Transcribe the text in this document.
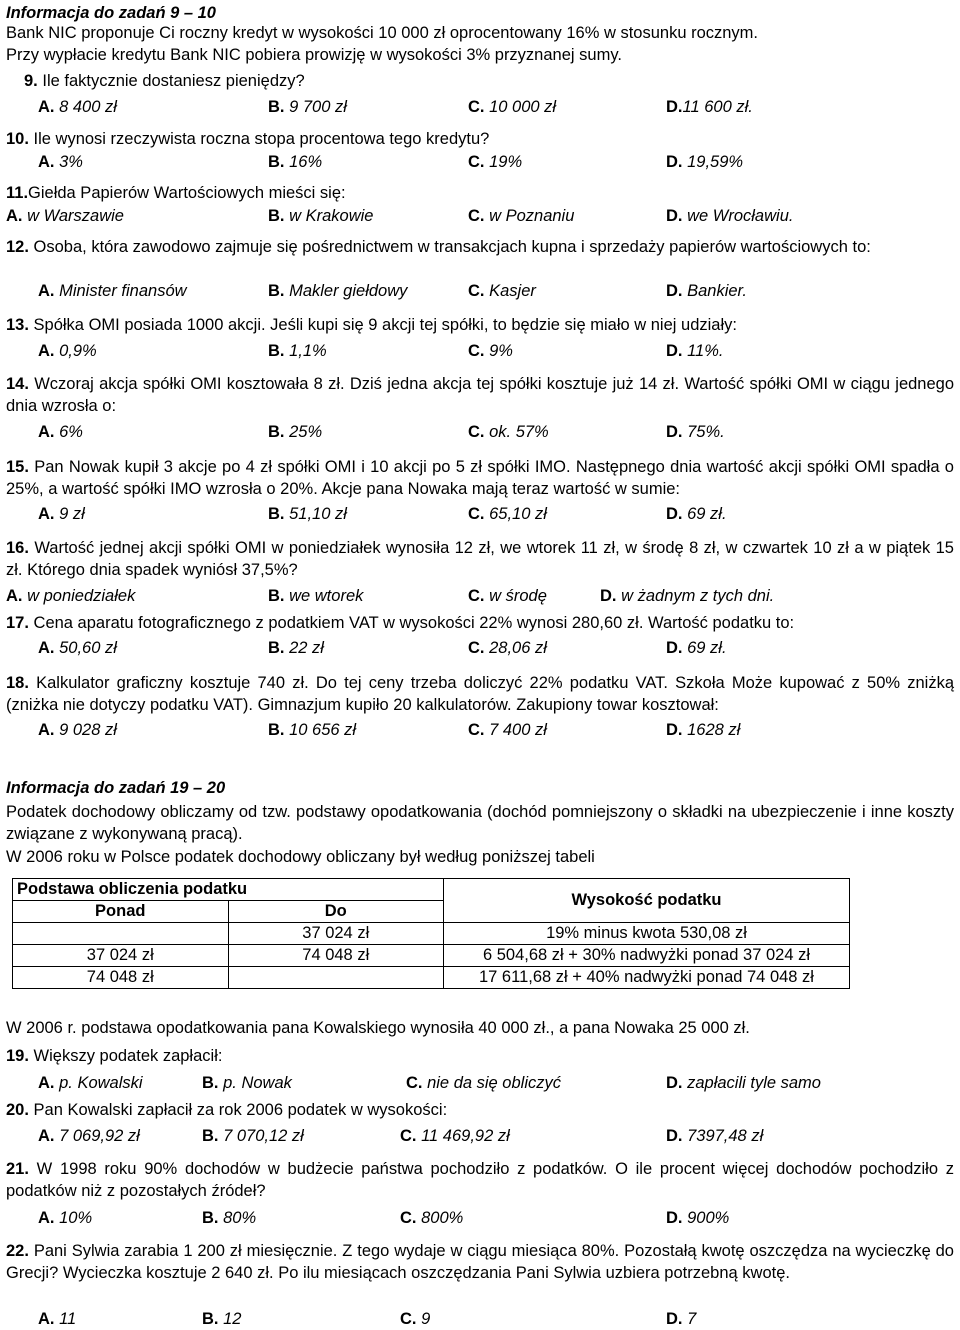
Informacja do zadań 9 – 10
Bank NIC proponuje Ci roczny kredyt w wysokości 10 000 zł oprocentowany 16% w stosunku rocznym.
Przy wypłacie kredytu Bank NIC pobiera prowizję w wysokości 3% przyznanej sumy.
9. Ile faktycznie dostaniesz pieniędzy?
A. 8 400 zł	B. 9 700 zł	C. 10 000 zł	D.11 600 zł.
10. Ile wynosi rzeczywista roczna stopa procentowa tego kredytu?
A. 3%	B. 16%	C. 19%	D. 19,59%
11.Giełda Papierów Wartościowych mieści się:
A. w Warszawie	B. w Krakowie	C. w Poznaniu	D. we Wrocławiu.
12. Osoba, która zawodowo zajmuje się pośrednictwem w transakcjach kupna i sprzedaży papierów wartościowych to:
A. Minister finansów	B. Makler giełdowy	C. Kasjer	D. Bankier.
13. Spółka OMI posiada 1000 akcji. Jeśli kupi się 9 akcji tej spółki, to będzie się miało w niej udziały:
A. 0,9%	B. 1,1%	C. 9%	D. 11%.
14. Wczoraj akcja spółki OMI kosztowała 8 zł. Dziś jedna akcja tej spółki kosztuje już 14 zł. Wartość spółki OMI w ciągu jednego dnia wzrosła o:
A. 6%	B. 25%	C. ok. 57%	D. 75%.
15. Pan Nowak kupił 3 akcje po 4 zł spółki OMI i 10 akcji po 5 zł spółki IMO. Następnego dnia wartość akcji spółki OMI spadła o 25%, a wartość spółki IMO wzrosła o 20%. Akcje pana Nowaka mają teraz wartość w sumie:
A. 9 zł	B. 51,10 zł	C. 65,10 zł	D. 69 zł.
16. Wartość jednej akcji spółki OMI w poniedziałek wynosiła 12 zł, we wtorek 11 zł, w środę 8 zł, w czwartek 10 zł a w piątek 15 zł. Którego dnia spadek wyniósł 37,5%?
A. w poniedziałek	B. we wtorek	C. w środę	D. w żadnym z tych dni.
17. Cena aparatu fotograficznego z podatkiem VAT w wysokości 22% wynosi 280,60 zł. Wartość podatku to:
A. 50,60 zł	B. 22 zł	C. 28,06 zł	D. 69 zł.
18. Kalkulator graficzny kosztuje 740 zł. Do tej ceny trzeba doliczyć 22% podatku VAT. Szkoła Może kupować z 50% zniżką (zniżka nie dotyczy podatku VAT). Gimnazjum kupiło 20 kalkulatorów. Zakupiony towar kosztował:
A. 9 028 zł	B. 10 656 zł	C. 7 400 zł	D. 1628 zł
Informacja do zadań 19 – 20
Podatek dochodowy obliczamy od tzw. podstawy opodatkowania (dochód pomniejszony o składki na ubezpieczenie i inne koszty związane z wykonywaną pracą).
W 2006 roku w Polsce podatek dochodowy obliczany był według poniższej tabeli
Podstawa obliczenia podatku		Wysokość podatku
Ponad	Do	
	37 024 zł	19% minus kwota 530,08 zł
37 024 zł	74 048 zł	6 504,68 zł + 30% nadwyżki ponad 37 024 zł
74 048 zł		17 611,68 zł + 40% nadwyżki ponad 74 048 zł
W 2006 r. podstawa opodatkowania pana Kowalskiego wynosiła 40 000 zł., a pana Nowaka 25 000 zł.
19. Większy podatek zapłacił:
A. p. Kowalski	B. p. Nowak	C. nie da się obliczyć	D. zapłacili tyle samo
20. Pan Kowalski zapłacił za rok 2006 podatek w wysokości:
A. 7 069,92 zł	B. 7 070,12 zł	C. 11 469,92 zł	D. 7397,48 zł
21. W 1998 roku 90% dochodów w budżecie państwa pochodziło z podatków. O ile procent więcej dochodów pochodziło z podatków niż z pozostałych źródeł?
A. 10%	B. 80%	C. 800%	D. 900%
22. Pani Sylwia zarabia 1 200 zł miesięcznie. Z tego wydaje w ciągu miesiąca 80%. Pozostałą kwotę oszczędza na wycieczkę do Grecji? Wycieczka kosztuje 2 640 zł. Po ilu miesiącach oszczędzania Pani Sylwia uzbiera potrzebną kwotę.
A. 11	B. 12	C. 9	D. 7
